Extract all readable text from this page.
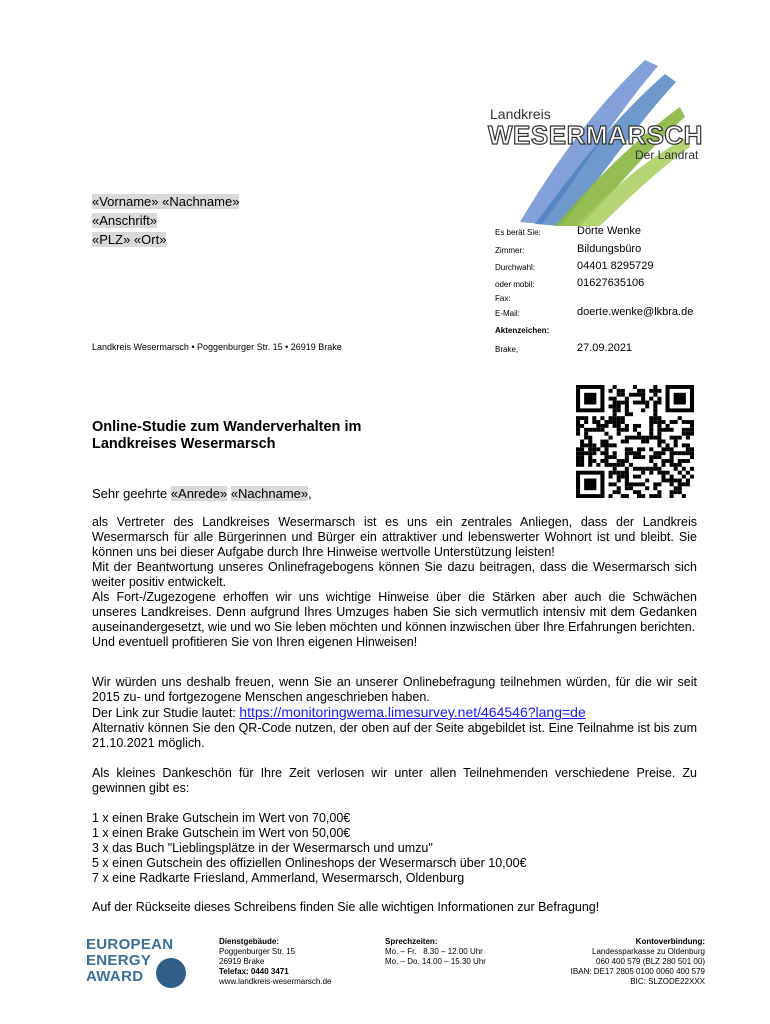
Landkreis
WESERMARSCH
Der Landrat
«Vorname» «Nachname»
«Anschrift»
«PLZ» «Ort»
Landkreis Wesermarsch • Poggenburger Str. 15 • 26919 Brake
Es berät Sie:	Dörte Wenke
Zimmer:	Bildungsbüro
Durchwahl:	04401 8295729
oder mobil:	01627635106
Fax:
E-Mail:	doerte.wenke@lkbra.de
Aktenzeichen:
Brake,	27.09.2021
Online-Studie zum Wanderverhalten im
Landkreises Wesermarsch
Sehr geehrte «Anrede» «Nachname»,

als Vertreter des Landkreises Wesermarsch ist es uns ein zentrales Anliegen, dass der Landkreis Wesermarsch für alle Bürgerinnen und Bürger ein attraktiver und lebenswerter Wohnort ist und bleibt. Sie können uns bei dieser Aufgabe durch Ihre Hinweise wertvolle Unterstützung leisten!

Mit der Beantwortung unseres Onlinefragebogens können Sie dazu beitragen, dass die Wesermarsch sich weiter positiv entwickelt.

Als Fort-/Zugezogene erhoffen wir uns wichtige Hinweise über die Stärken aber auch die Schwächen unseres Landkreises. Denn aufgrund Ihres Umzuges haben Sie sich vermutlich intensiv mit dem Gedanken auseinandergesetzt, wie und wo Sie leben möchten und können inzwischen über Ihre Erfahrungen berichten.

Und eventuell profitieren Sie von Ihren eigenen Hinweisen!

Wir würden uns deshalb freuen, wenn Sie an unserer Onlinebefragung teilnehmen würden, für die wir seit 2015 zu- und fortgezogene Menschen angeschrieben haben.

Der Link zur Studie lautet: https://monitoringwema.limesurvey.net/464546?lang=de

Alternativ können Sie den QR-Code nutzen, der oben auf der Seite abgebildet ist. Eine Teilnahme ist bis zum 21.10.2021 möglich.

Als kleines Dankeschön für Ihre Zeit verlosen wir unter allen Teilnehmenden verschiedene Preise. Zu gewinnen gibt es:

1 x einen Brake Gutschein im Wert von 70,00€

1 x einen Brake Gutschein im Wert von 50,00€

3 x das Buch "Lieblingsplätze in der Wesermarsch und umzu"

5 x einen Gutschein des offiziellen Onlineshops der Wesermarsch über 10,00€

7 x eine Radkarte Friesland, Ammerland, Wesermarsch, Oldenburg

Auf der Rückseite dieses Schreibens finden Sie alle wichtigen Informationen zur Befragung!
EUROPEAN
ENERGY
AWARD
Dienstgebäude:
Poggenburger Str. 15
26919 Brake
Telefax: 0440 3471
www.landkreis-wesermarsch.de
Sprechzeiten:
Mo. – Fr.   8.30 – 12.00 Uhr
Mo. – Do. 14.00 – 15.30 Uhr
Kontoverbindung:
Landessparkasse zu Oldenburg
060 400 579 (BLZ 280 501 00)
IBAN: DE17 2805 0100 0060 400 579
BIC: SLZODE22XXX
